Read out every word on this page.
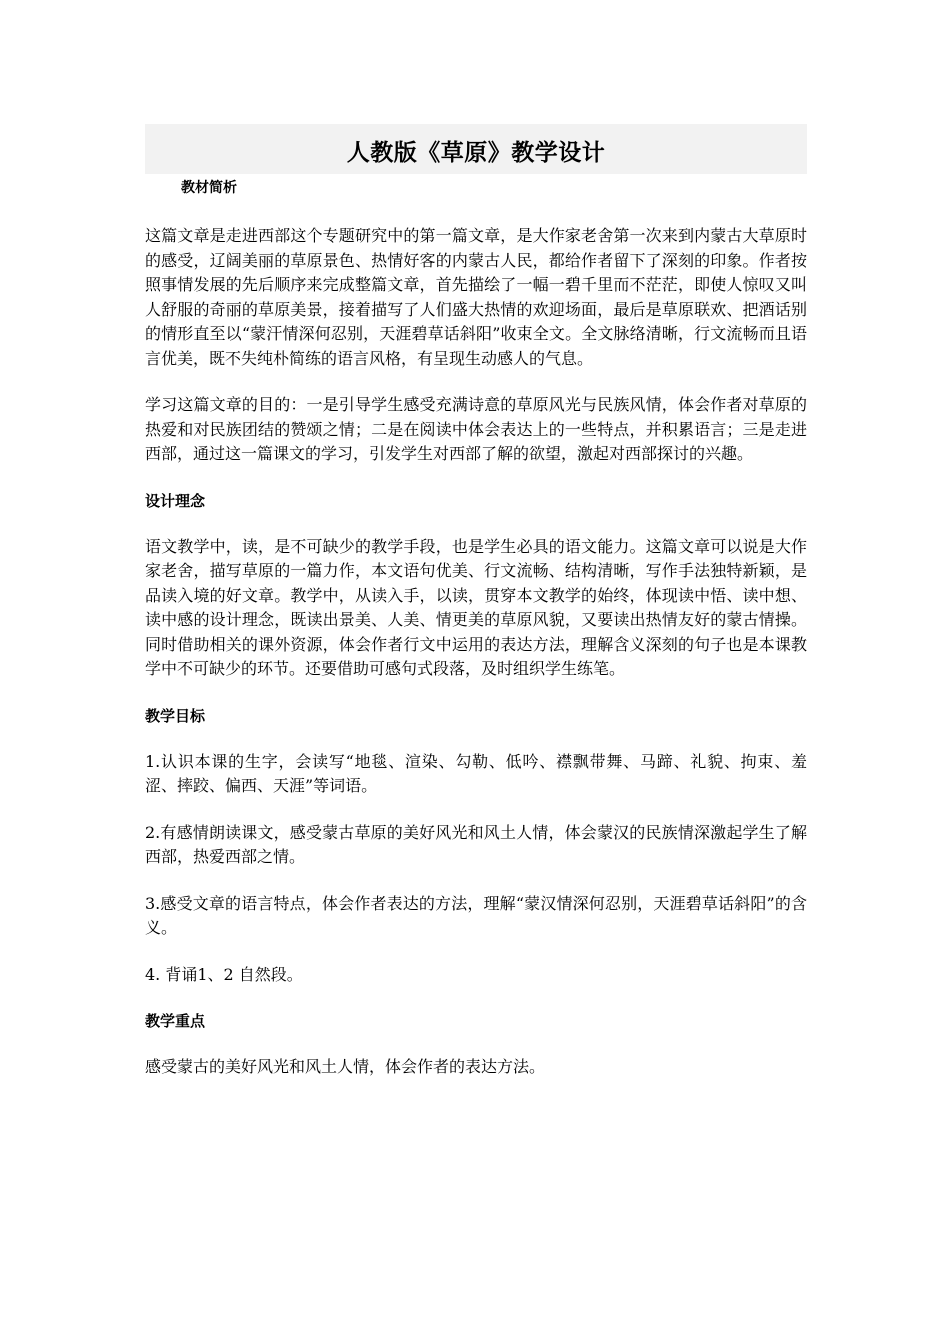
人教版《草原》教学设计
教材简析

这篇文章是走进西部这个专题研究中的第一篇文章，是大作家老舍第一次来到内蒙古大草原时的感受，辽阔美丽的草原景色、热情好客的内蒙古人民，都给作者留下了深刻的印象。作者按照事情发展的先后顺序来完成整篇文章，首先描绘了一幅一碧千里而不茫茫，即使人惊叹又叫人舒服的奇丽的草原美景，接着描写了人们盛大热情的欢迎场面，最后是草原联欢、把酒话别的情形直至以“蒙汗情深何忍别，天涯碧草话斜阳”收束全文。全文脉络清晰，行文流畅而且语言优美，既不失纯朴简练的语言风格，有呈现生动感人的气息。

学习这篇文章的目的：一是引导学生感受充满诗意的草原风光与民族风情，体会作者对草原的热爱和对民族团结的赞颂之情；二是在阅读中体会表达上的一些特点，并积累语言；三是走进西部，通过这一篇课文的学习，引发学生对西部了解的欲望，激起对西部探讨的兴趣。

设计理念

语文教学中，读，是不可缺少的教学手段，也是学生必具的语文能力。这篇文章可以说是大作家老舍，描写草原的一篇力作，本文语句优美、行文流畅、结构清晰，写作手法独特新颖，是品读入境的好文章。教学中，从读入手，以读，贯穿本文教学的始终，体现读中悟、读中想、读中感的设计理念，既读出景美、人美、情更美的草原风貌，又要读出热情友好的蒙古情操。同时借助相关的课外资源，体会作者行文中运用的表达方法，理解含义深刻的句子也是本课教学中不可缺少的环节。还要借助可感句式段落，及时组织学生练笔。

教学目标

1.认识本课的生字，会读写“地毯、渲染、勾勒、低吟、襟飘带舞、马蹄、礼貌、拘束、羞涩、摔跤、偏西、天涯”等词语。

2.有感情朗读课文，感受蒙古草原的美好风光和风土人情，体会蒙汉的民族情深激起学生了解西部，热爱西部之情。

3.感受文章的语言特点，体会作者表达的方法，理解“蒙汉情深何忍别，天涯碧草话斜阳”的含义。

4. 背诵1、2 自然段。

教学重点

感受蒙古的美好风光和风土人情，体会作者的表达方法。
